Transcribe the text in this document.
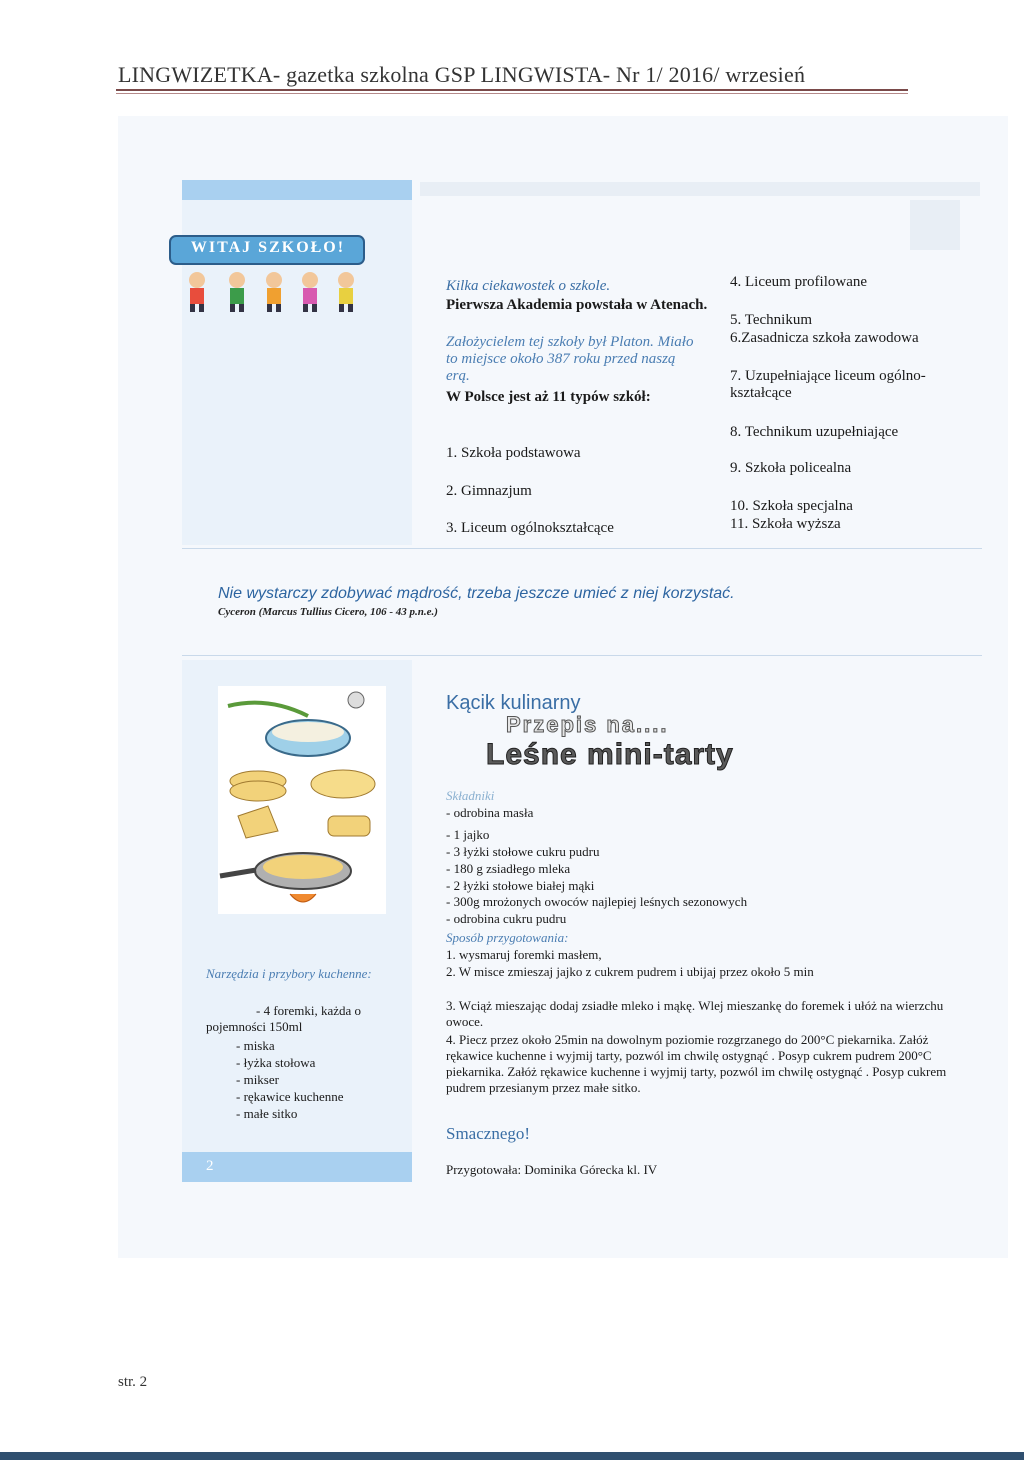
LINGWIZETKA- gazetka szkolna GSP LINGWISTA- Nr 1/ 2016/ wrzesień
WITAJ SZKOŁO!
Kilka ciekawostek o szkole.
Pierwsza Akademia powstała w Atenach.
Założycielem tej szkoły był Platon. Miało to miejsce około 387 roku przed naszą erą.
W Polsce jest aż 11 typów szkół:
1. Szkoła podstawowa
2. Gimnazjum
3. Liceum ogólnokształcące
4. Liceum profilowane
5. Technikum
6.Zasadnicza szkoła zawodowa
7. Uzupełniające liceum ogólno-kształcące
8. Technikum uzupełniające
9. Szkoła policealna
10. Szkoła specjalna
11. Szkoła wyższa
Nie wystarczy zdobywać mądrość, trzeba jeszcze umieć z niej korzystać.
Cyceron (Marcus Tullius Cicero, 106 - 43 p.n.e.)
Narzędzia i przybory kuchenne:
- 4 foremki, każda o pojemności 150ml
- miska
- łyżka stołowa
- mikser
- rękawice kuchenne
- małe sitko
2
Kącik kulinarny
Przepis na....
Leśne mini-tarty
Składniki
- odrobina masła
- 1 jajko
- 3 łyżki stołowe cukru pudru
- 180 g zsiadłego mleka
- 2 łyżki stołowe białej mąki
- 300g mrożonych owoców najlepiej leśnych sezonowych
- odrobina cukru pudru
Sposób przygotowania:
1. wysmaruj foremki masłem,
2. W misce zmieszaj jajko z cukrem pudrem i ubijaj przez około 5 min
3. Wciąż mieszając dodaj zsiadłe mleko i mąkę. Wlej mieszankę do foremek i ułóż na wierzchu owoce.
4. Piecz przez około 25min na dowolnym poziomie rozgrzanego do 200°C piekarnika. Załóż rękawice kuchenne i wyjmij tarty, pozwól im chwilę ostygnąć . Posyp cukrem pudrem 200°C piekarnika. Załóż rękawice kuchenne i wyjmij tarty, pozwól im chwilę ostygnąć . Posyp cukrem pudrem przesianym przez małe sitko.
Smacznego!
Przygotowała: Dominika Górecka kl. IV
str. 2
